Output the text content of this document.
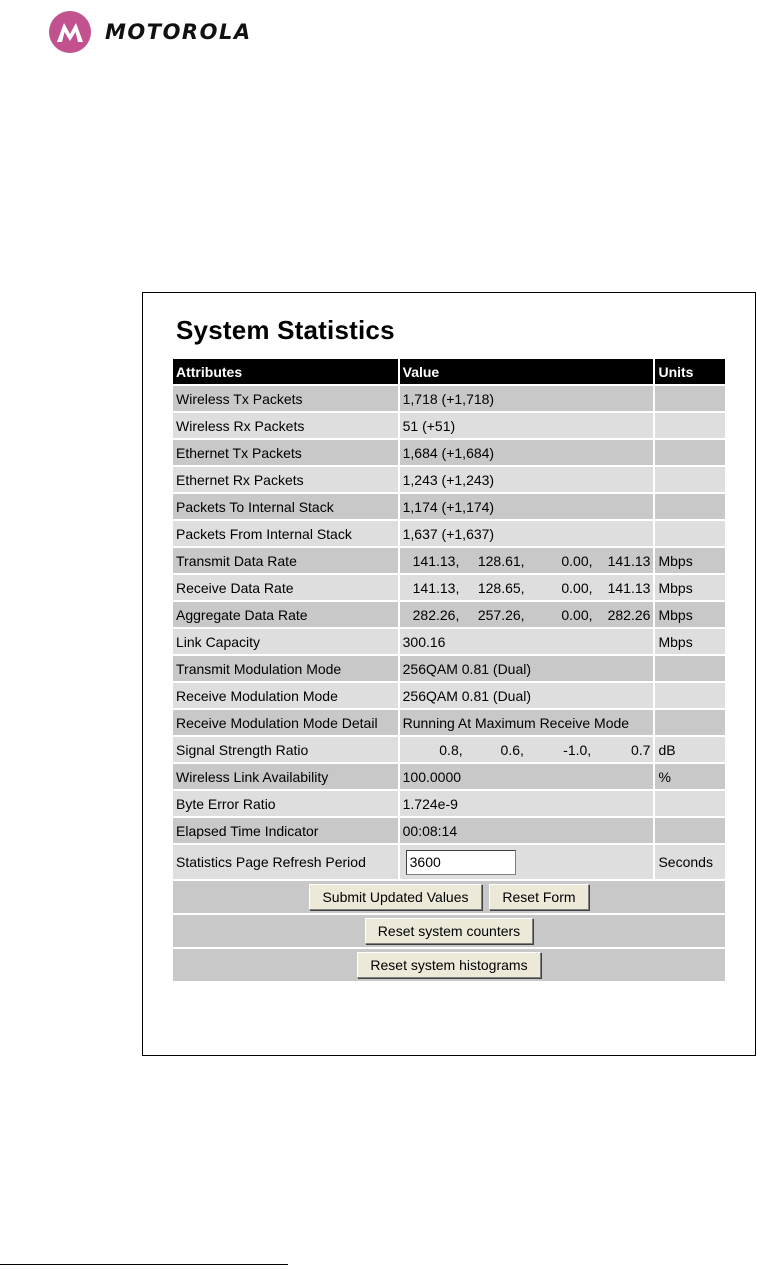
MOTOROLA
System Statistics
Attributes	Value	Units
Wireless Tx Packets	1,718 (+1,718)	
Wireless Rx Packets	51 (+51)	
Ethernet Tx Packets	1,684 (+1,684)	
Ethernet Rx Packets	1,243 (+1,243)	
Packets To Internal Stack	1,174 (+1,174)	
Packets From Internal Stack	1,637 (+1,637)	
Transmit Data Rate	141.13, 128.61, 0.00, 141.13	Mbps
Receive Data Rate	141.13, 128.65, 0.00, 141.13	Mbps
Aggregate Data Rate	282.26, 257.26, 0.00, 282.26	Mbps
Link Capacity	300.16	Mbps
Transmit Modulation Mode	256QAM 0.81 (Dual)	
Receive Modulation Mode	256QAM 0.81 (Dual)	
Receive Modulation Mode Detail	Running At Maximum Receive Mode	
Signal Strength Ratio	0.8, 0.6, -1.0, 0.7	dB
Wireless Link Availability	100.0000	%
Byte Error Ratio	1.724e-9	
Elapsed Time Indicator	00:08:14	
Statistics Page Refresh Period	3600	Seconds
Submit Updated Values Reset Form		
Reset system counters		
Reset system histograms		
